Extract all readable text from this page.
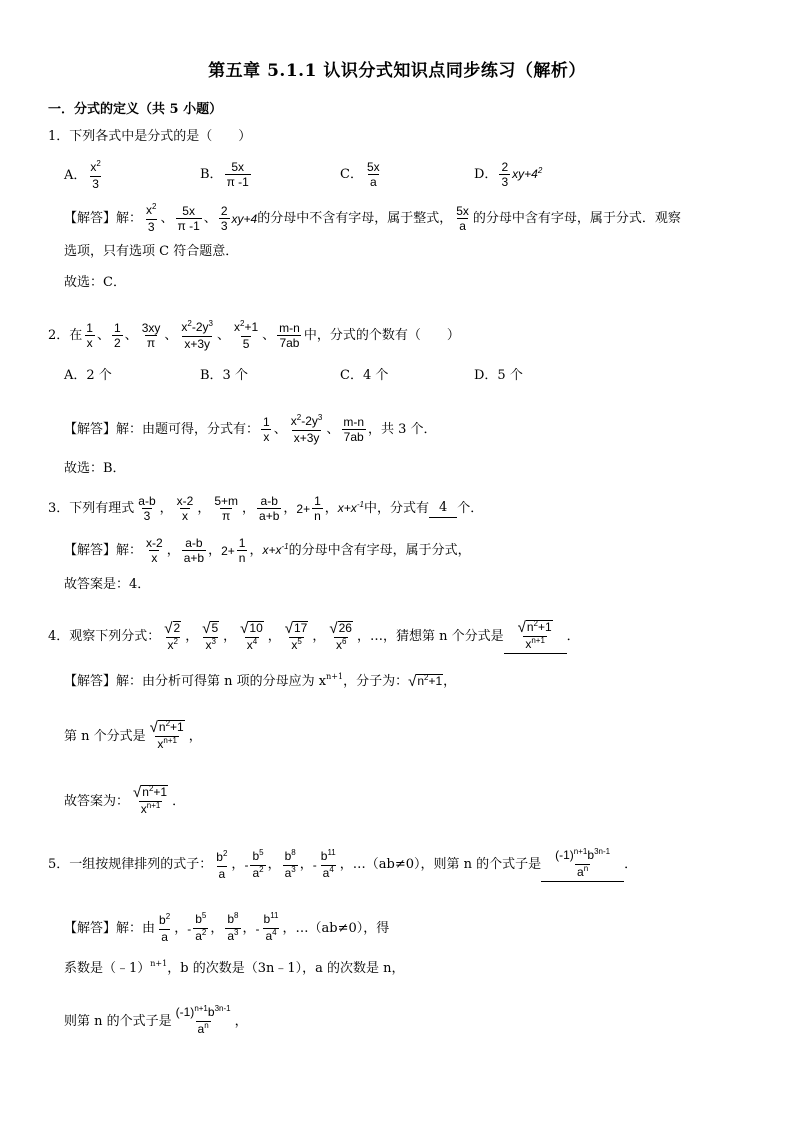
第五章 5.1.1 认识分式知识点同步练习（解析）
一．分式的定义（共 5 小题）
1．下列各式中是分式的是（　　）
A． $\frac{x^2}{3}$	B． $\frac{5x}{\pi -1}$	C． $\frac{5x}{a}$	D． $\frac{2}{3} xy+4^2$
【解答】 解： $\frac{x^2}{3}$ 、 $\frac{5x}{\pi -1}$ 、 $\frac{2}{3} xy+4$ 的分母中不含有字母，属于整式， $\frac{5x}{a}$ 的分母中含有字母，属于分式．观察
选项，只有选项 C 符合题意．
故选：C．
2．在 $\frac{1}{x}$ 、 $\frac{1}{2}$ 、 $\frac{3xy}{\pi}$ 、 $\frac{x^2-2y^3}{x+3y}$ 、 $\frac{x^2+1}{5}$ 、 $\frac{m-n}{7ab}$ 中，分式的个数有（　　）
A．2 个	B．3 个	C．4 个	D．5 个
【解答】 解： 由题可得，分式有： $\frac{1}{x}$ 、 $\frac{x^2-2y^3}{x+3y}$ 、 $\frac{m-n}{7ab}$ ，共 3 个．
故选：B．
3．下列有理式 $\frac{a-b}{3}$ ， $\frac{x-2}{x}$ ， $\frac{5+m}{\pi}$ ， $\frac{a-b}{a+b}$ ， $2+ \frac{1}{n}$ ， $x+x^{-1}$ 中，分式有 4 个．
【解答】 解： $\frac{x-2}{x}$ ， $\frac{a-b}{a+b}$ ， $2+ \frac{1}{n}$ ， $x+x^{-1}$ 的分母中含有字母，属于分式，
故答案是：4．
4．观察下列分式： $\frac{√ 2}{x^2}$ ， $\frac{√ 5}{x^3}$ ， $\frac{√ 10}{x^4}$ ， $\frac{√ 17}{x^5}$ ， $\frac{√ 26}{x^6}$ ，…，猜想第 n 个分式是 $\frac{√ n^2+1}{x^{n+1}}$ ．
【解答】 解： 由分析可得第 n 项的分母应为 x n+1 ，分子为： √ $n^2+1$ ，
第 n 个分式是 $\frac{√ n^2+1}{x^{n+1}}$ ，
故答案为： $\frac{√ n^2+1}{x^{n+1}}$ ．
5．一组按规律排列的式子： $\frac{b^2}{a}$ ， - $\frac{b^5}{a^2}$ ， $\frac{b^8}{a^3}$ ， - $\frac{b^{11}}{a^4}$ ，…（ab≠0），则第 n 的个式子是 $\frac{(-1)^{n+1}b^{3n-1}}{a^n}$ ．
【解答】 解： 由 $\frac{b^2}{a}$ ， - $\frac{b^5}{a^2}$ ， $\frac{b^8}{a^3}$ ， - $\frac{b^{11}}{a^4}$ ，…（ab≠0），得
系数是（﹣1） n+1 ，b 的次数是（3n﹣1），a 的次数是 n，
则第 n 的个式子是 $\frac{(-1)^{n+1}b^{3n-1}}{a^n}$ ，
